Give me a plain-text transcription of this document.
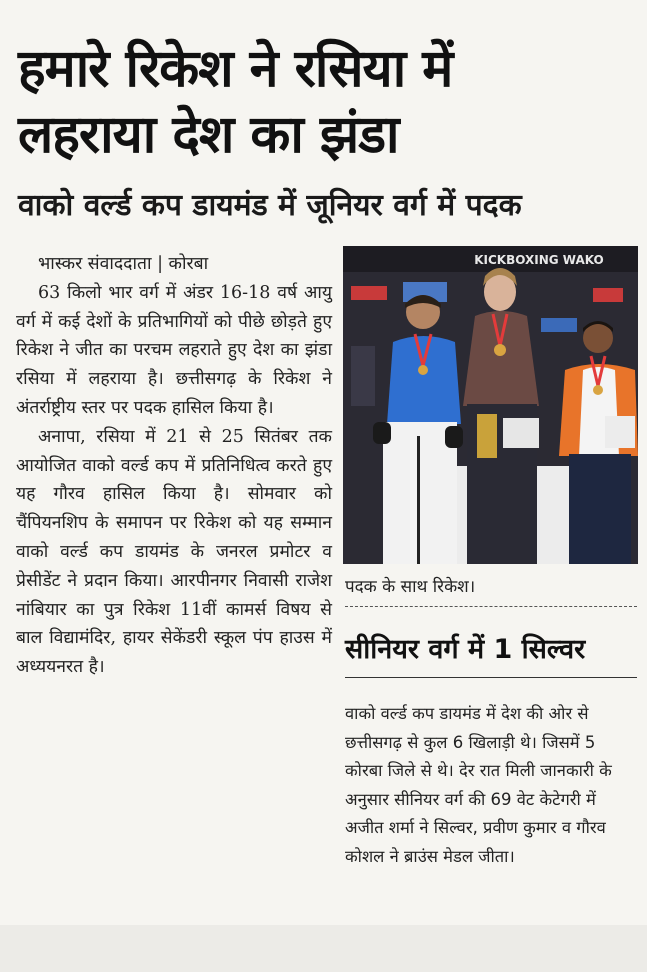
हमारे रिकेश ने रसिया में
लहराया देश का झंडा
वाको वर्ल्ड कप डायमंड में जूनियर वर्ग में पदक
भास्कर संवाददाता | कोरबा

63 किलो भार वर्ग में अंडर 16-18 वर्ष आयु वर्ग में कई देशों के प्रतिभागियों को पीछे छोड़ते हुए रिकेश ने जीत का परचम लहराते हुए देश का झंडा रसिया में लहराया है। छत्तीसगढ़ के रिकेश ने अंतर्राष्ट्रीय स्तर पर पदक हासिल किया है।

अनापा, रसिया में 21 से 25 सितंबर तक आयोजित वाको वर्ल्ड कप में प्रतिनिधित्व करते हुए यह गौरव हासिल किया है। सोमवार को चैंपियनशिप के समापन पर रिकेश को यह सम्मान वाको वर्ल्ड कप डायमंड के जनरल प्रमोटर व प्रेसीडेंट ने प्रदान किया। आरपीनगर निवासी राजेश नांबियार का पुत्र रिकेश 11वीं कामर्स विषय से बाल विद्यामंदिर, हायर सेकेंडरी स्कूल पंप हाउस में अध्ययनरत है।

KICKBOXING WAKO
पदक के साथ रिकेश।
सीनियर वर्ग में 1 सिल्वर
वाको वर्ल्ड कप डायमंड में देश की ओर से छत्तीसगढ़ से कुल 6 खिलाड़ी थे। जिसमें 5 कोरबा जिले से थे। देर रात मिली जानकारी के अनुसार सीनियर वर्ग की 69 वेट केटेगरी में अजीत शर्मा ने सिल्वर, प्रवीण कुमार व गौरव कोशल ने ब्राउंस मेडल जीता।
